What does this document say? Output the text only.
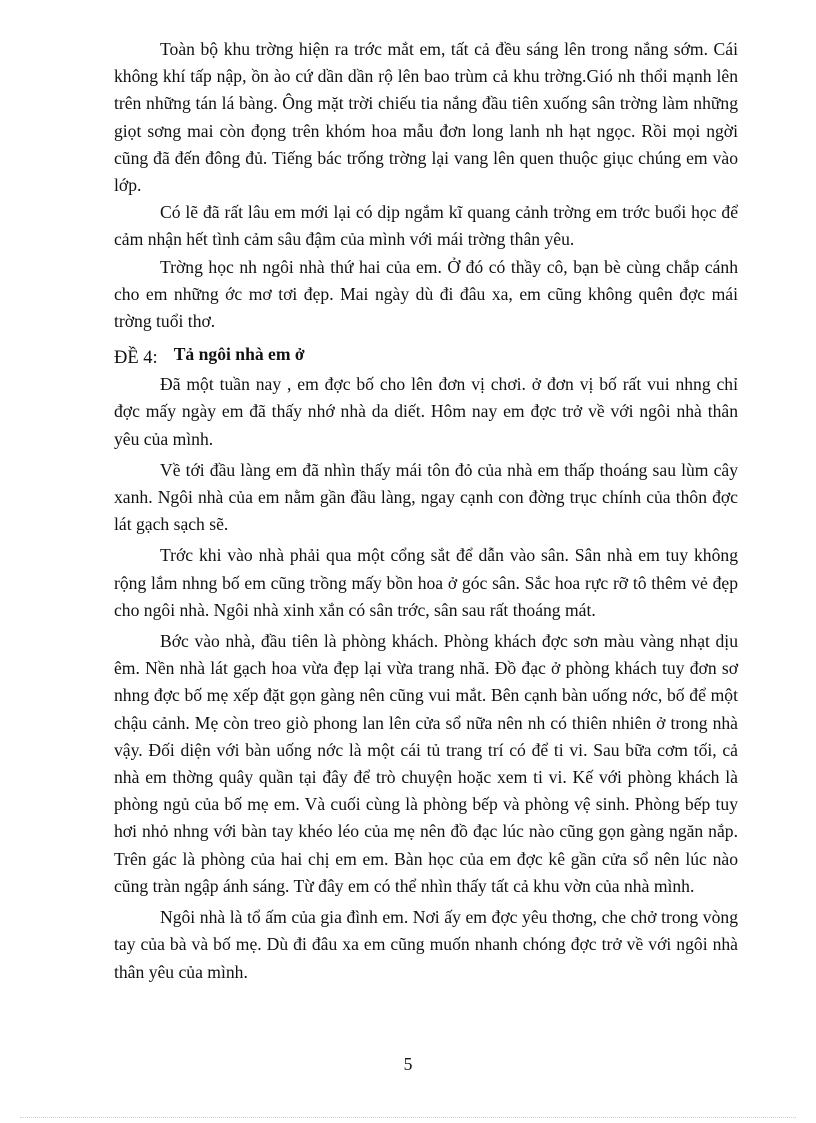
Toàn bộ khu trờng hiện ra trớc mắt em, tất cả đều sáng lên trong nắng sớm. Cái không khí tấp nập, ồn ào cứ dần dần rộ lên bao trùm cả khu trờng.Gió nh thổi mạnh lên trên những tán lá bàng. Ông mặt trời chiếu tia nắng đầu tiên xuống sân trờng làm những giọt sơng mai còn đọng trên khóm hoa mẫu đơn long lanh nh hạt ngọc. Rồi mọi ngời cũng đã đến đông đủ. Tiếng bác trống trờng lại vang lên quen thuộc giục chúng em vào lớp.

Có lẽ đã rất lâu em mới lại có dịp ngắm kĩ quang cảnh trờng em trớc buổi học để cảm nhận hết tình cảm sâu đậm của mình với mái trờng thân yêu.

Trờng học nh ngôi nhà thứ hai của em. Ở đó có thầy cô, bạn bè cùng chắp cánh cho em những ớc mơ tơi đẹp. Mai ngày dù đi đâu xa, em cũng không quên đợc mái trờng tuổi thơ.

ĐỀ 4: Tả ngôi nhà em ở

Đã một tuần nay , em đợc bố cho lên đơn vị chơi. ở đơn vị bố rất vui nhng chỉ đợc mấy ngày em đã thấy nhớ nhà da diết. Hôm nay em đợc trở về với ngôi nhà thân yêu của mình.

Về tới đầu làng em đã nhìn thấy mái tôn đỏ của nhà em thấp thoáng sau lùm cây xanh. Ngôi nhà của em nằm gần đầu làng, ngay cạnh con đờng trục chính của thôn đợc lát gạch sạch sẽ.

Trớc khi vào nhà phải qua một cổng sắt để dẫn vào sân. Sân nhà em tuy không rộng lắm nhng bố em cũng trồng mấy bồn hoa ở góc sân. Sắc hoa rực rỡ tô thêm vẻ đẹp cho ngôi nhà. Ngôi nhà xinh xắn có sân trớc, sân sau rất thoáng mát.

Bớc vào nhà, đầu tiên là phòng khách. Phòng khách đợc sơn màu vàng nhạt dịu êm. Nền nhà lát gạch hoa vừa đẹp lại vừa trang nhã. Đồ đạc ở phòng khách tuy đơn sơ nhng đợc bố mẹ xếp đặt gọn gàng nên cũng vui mắt. Bên cạnh bàn uống nớc, bố để một chậu cảnh. Mẹ còn treo giò phong lan lên cửa sổ nữa nên nh có thiên nhiên ở trong nhà vậy. Đối diện với bàn uống nớc là một cái tủ trang trí có để ti vi. Sau bữa cơm tối, cả nhà em thờng quây quần tại đây để trò chuyện hoặc xem ti vi. Kế với phòng khách là phòng ngủ của bố mẹ em. Và cuối cùng là phòng bếp và phòng vệ sinh. Phòng bếp tuy hơi nhỏ nhng với bàn tay khéo léo của mẹ nên đồ đạc lúc nào cũng gọn gàng ngăn nắp. Trên gác là phòng của hai chị em em. Bàn học của em đợc kê gần cửa sổ nên lúc nào cũng tràn ngập ánh sáng. Từ đây em có thể nhìn thấy tất cả khu vờn của nhà mình.

Ngôi nhà là tổ ấm của gia đình em. Nơi ấy em đợc yêu thơng, che chở trong vòng tay của bà và bố mẹ. Dù đi đâu xa em cũng muốn nhanh chóng đợc trở về với ngôi nhà thân yêu của mình.

5
